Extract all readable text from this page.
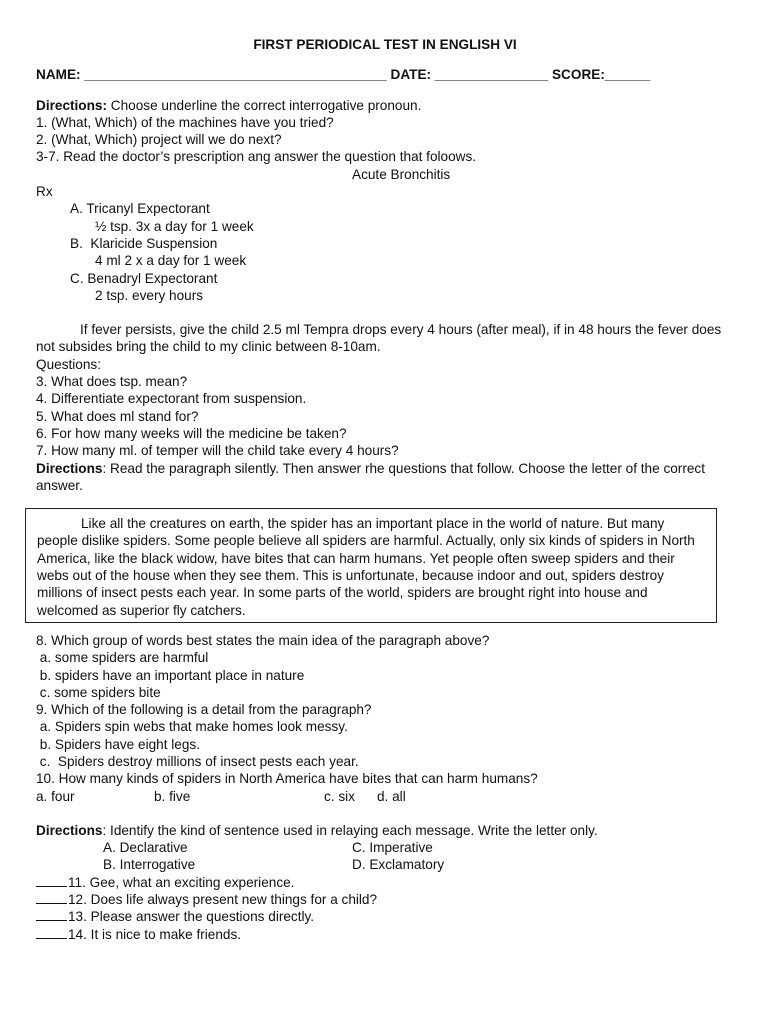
FIRST PERIODICAL TEST IN ENGLISH VI
NAME: ________________________________________ DATE: _______________ SCORE:______
Directions: Choose underline the correct interrogative pronoun.
1. (What, Which) of the machines have you tried?
2. (What, Which) project will we do next?
3-7. Read the doctor’s prescription ang answer the question that foloows.
Acute Bronchitis
Rx
A. Tricanyl Expectorant
½ tsp. 3x a day for 1 week
B.  Klaricide Suspension
4 ml 2 x a day for 1 week
C. Benadryl Expectorant
2 tsp. every hours
If fever persists, give the child 2.5 ml Tempra drops every 4 hours (after meal), if in 48 hours the fever does not subsides bring the child to my clinic between 8-10am.
Questions:
3. What does tsp. mean?
4. Differentiate expectorant from suspension.
5. What does ml stand for?
6. For how many weeks will the medicine be taken?
7. How many ml. of temper will the child take every 4 hours?
Directions: Read the paragraph silently. Then answer rhe questions that follow. Choose the letter of the correct answer.
Like all the creatures on earth, the spider has an important place in the world of nature. But many people dislike spiders. Some people believe all spiders are harmful. Actually, only six kinds of spiders in North America, like the black widow, have bites that can harm humans. Yet people often sweep spiders and their webs out of the house when they see them. This is unfortunate, because indoor and out, spiders destroy millions of insect pests each year. In some parts of the world, spiders are brought right into house and welcomed as superior fly catchers.
8. Which group of words best states the main idea of the paragraph above?
a. some spiders are harmful
b. spiders have an important place in nature
c. some spiders bite
9. Which of the following is a detail from the paragraph?
a. Spiders spin webs that make homes look messy.
b. Spiders have eight legs.
c.  Spiders destroy millions of insect pests each year.
10. How many kinds of spiders in North America have bites that can harm humans?
a. four	b. five	c. six	d. all
Directions: Identify the kind of sentence used in relaying each message. Write the letter only.
A. Declarative	C. Imperative
B. Interrogative	D. Exclamatory
11. Gee, what an exciting experience.
12. Does life always present new things for a child?
13. Please answer the questions directly.
14. It is nice to make friends.
